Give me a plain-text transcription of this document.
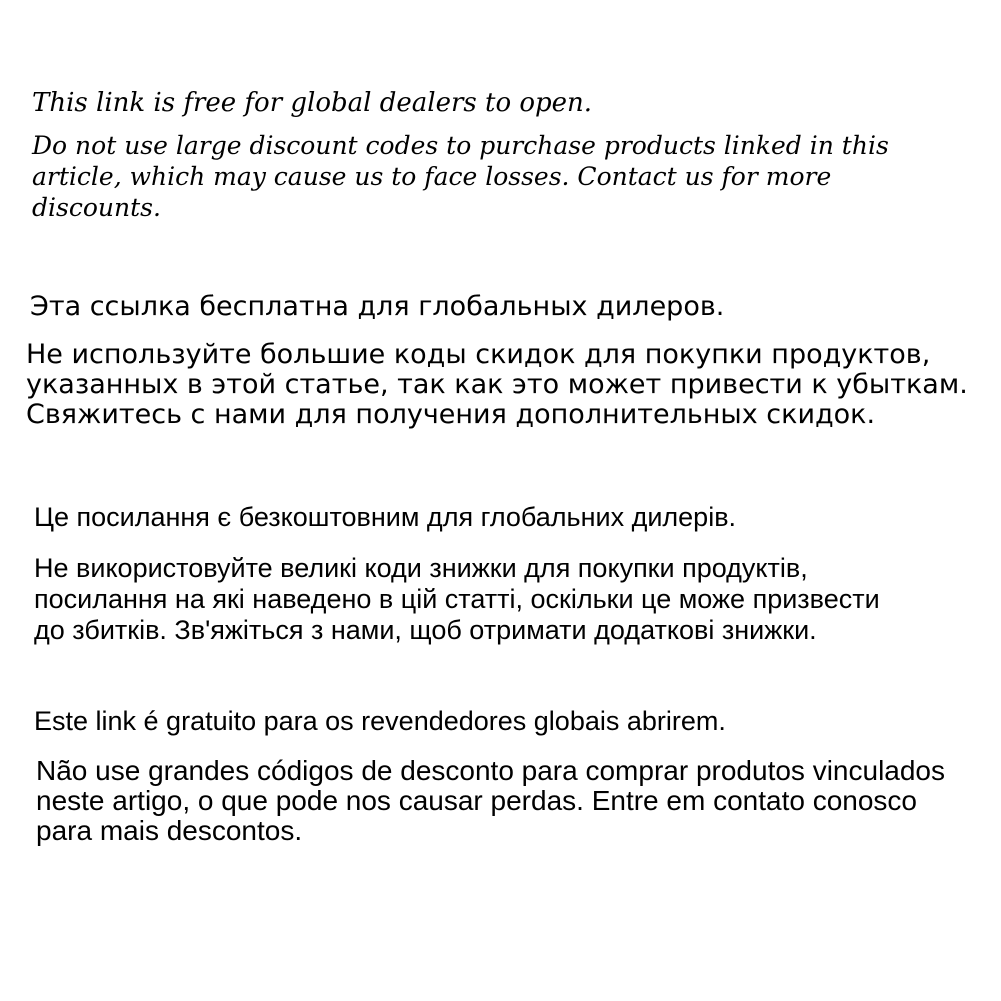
This link is free for global dealers to open.
Do not use large discount codes to purchase products linked in this
article, which may cause us to face losses. Contact us for more
discounts.
Эта ссылка бесплатна для глобальных дилеров.
Не используйте большие коды скидок для покупки продуктов,
указанных в этой статье, так как это может привести к убыткам.
Свяжитесь с нами для получения дополнительных скидок.
Це посилання є безкоштовним для глобальних дилерів.
Не використовуйте великі коди знижки для покупки продуктів,
посилання на які наведено в цій статті, оскільки це може призвести
до збитків. Зв'яжіться з нами, щоб отримати додаткові знижки.
Este link é gratuito para os revendedores globais abrirem.
Não use grandes códigos de desconto para comprar produtos vinculados
neste artigo, o que pode nos causar perdas. Entre em contato conosco
para mais descontos.
